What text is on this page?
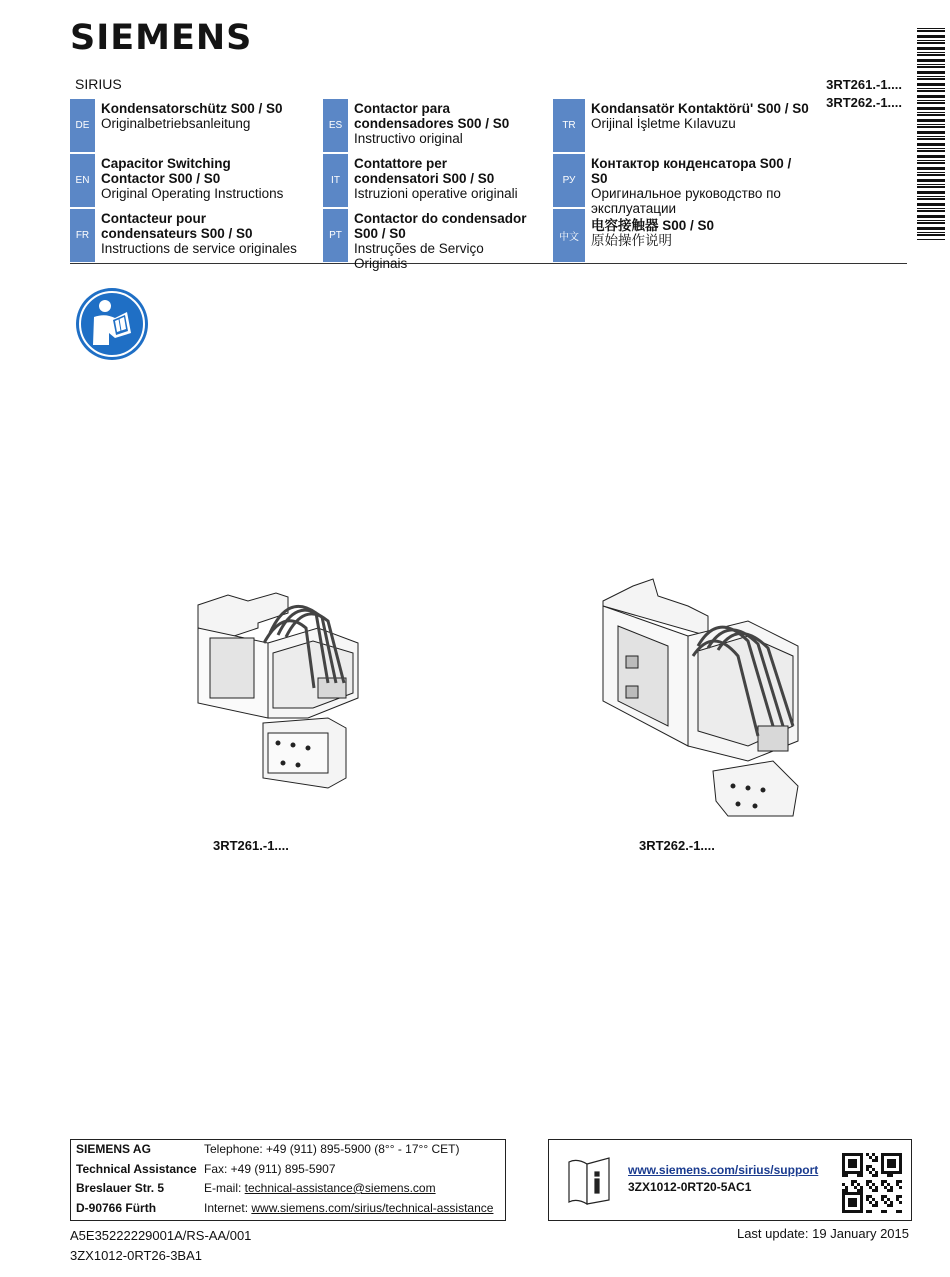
SIEMENS
SIRIUS	3RT261.-1....
3RT262.-1....
DE
Kondensatorschütz S00 / S0
Originalbetriebsanleitung	ES
Contactor para condensadores S00 / S0
Instructivo original
TR
Kondansatör Kontaktörü' S00 / S0
Orijinal İşletme Kılavuzu
EN
Capacitor Switching Contactor S00 / S0
Original Operating Instructions
IT
Contattore per condensatori S00 / S0
Istruzioni operative originali
РУ
Контактор конденсатора S00 / S0
Оригинальное руководство по эксплуатации
FR
Contacteur pour condensateurs S00 / S0
Instructions de service originales
PT
Contactor do condensador S00 / S0
Instruções de Serviço Originais
中文
电容接触器 S00 / S0
原始操作说明
3RT261.-1....	3RT262.-1....
SIEMENS AG	Telephone: +49 (911) 895-5900 (8°° - 17°° CET)
Technical Assistance Fax: +49 (911) 895-5907
Breslauer Str. 5	E-mail: technical-assistance@siemens.com
D-90766 Fürth	Internet: www.siemens.com/sirius/technical-assistance
www.siemens.com/sirius/support
3ZX1012-0RT20-5AC1
A5E35222229001A/RS-AA/001
3ZX1012-0RT26-3BA1
Last update: 19 January 2015
